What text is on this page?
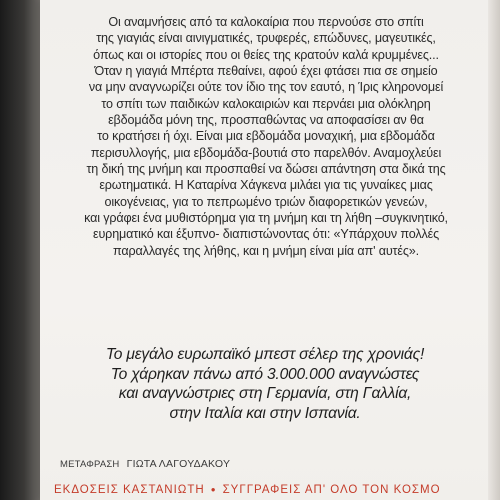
Οι αναμνήσεις από τα καλοκαίρια που περνούσε στο σπίτι
της γιαγιάς είναι αινιγματικές, τρυφερές, επώδυνες, μαγευτικές,
όπως και οι ιστορίες που οι θείες της κρατούν καλά κρυμμένες...
Όταν η γιαγιά Μπέρτα πεθαίνει, αφού έχει φτάσει πια σε σημείο
να μην αναγνωρίζει ούτε τον ίδιο της τον εαυτό, η Ίρις κληρονομεί
το σπίτι των παιδικών καλοκαιριών και περνάει μια ολόκληρη
εβδομάδα μόνη της, προσπαθώντας να αποφασίσει αν θα
το κρατήσει ή όχι. Είναι μια εβδομάδα μοναχική, μια εβδομάδα
περισυλλογής, μια εβδομάδα-βουτιά στο παρελθόν. Αναμοχλεύει
τη δική της μνήμη και προσπαθεί να δώσει απάντηση στα δικά της
ερωτηματικά. Η Καταρίνα Χάγκενα μιλάει για τις γυναίκες μιας
οικογένειας, για το πεπρωμένο τριών διαφορετικών γενεών,
και γράφει ένα μυθιστόρημα για τη μνήμη και τη λήθη –συγκινητικό,
ευρηματικό και έξυπνο- διαπιστώνοντας ότι: «Υπάρχουν πολλές
παραλλαγές της λήθης, και η μνήμη είναι μία απ' αυτές».
Το μεγάλο ευρωπαϊκό μπεστ σέλερ της χρονιάς!
Το χάρηκαν πάνω από 3.000.000 αναγνώστες
και αναγνώστριες στη Γερμανία, στη Γαλλία,
στην Ιταλία και στην Ισπανία.
ΜΕΤΑΦΡΑΣΗ ΓΙΩΤΑ ΛΑΓΟΥΔΑΚΟΥ
ΕΚΔΟΣΕΙΣ ΚΑΣΤΑΝΙΩΤΗ ● ΣΥΓΓΡΑΦΕΙΣ ΑΠ' ΟΛΟ ΤΟΝ ΚΟΣΜΟ
